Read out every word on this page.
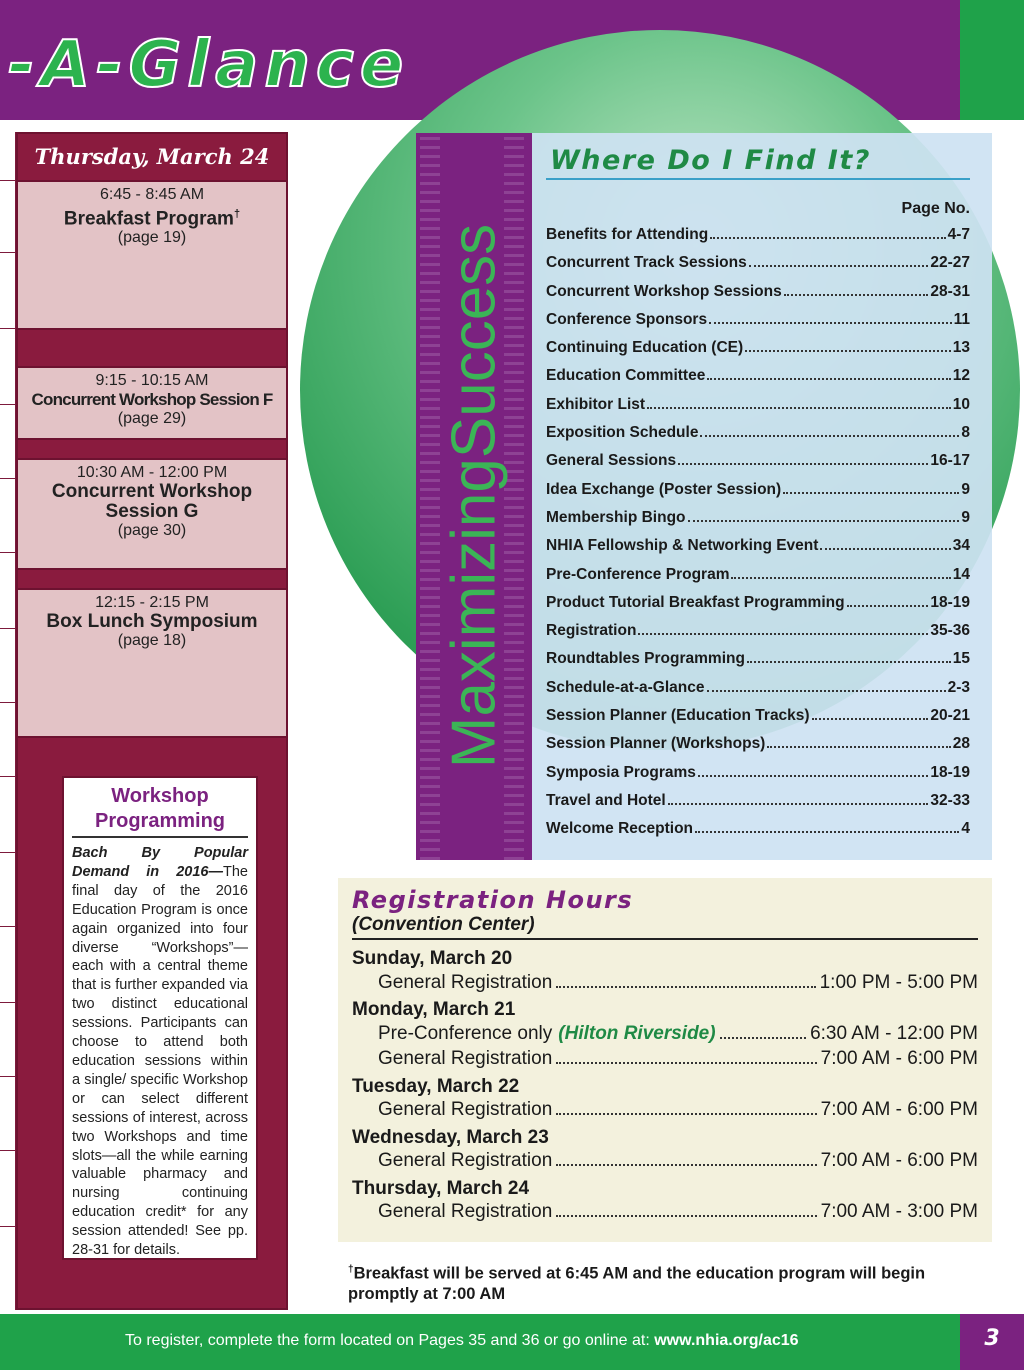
-A-Glance
Thursday, March 24
6:45 - 8:45 AM
Breakfast Program†
(page 19)
9:15 - 10:15 AM
Concurrent Workshop Session F
(page 29)
10:30 AM - 12:00 PM
Concurrent Workshop Session G
(page 30)
12:15 - 2:15 PM
Box Lunch Symposium
(page 18)
Workshop Programming
Bach By Popular Demand in 2016—The final day of the 2016 Education Program is once again organized into four diverse “Workshops”—each with a central theme that is further expanded via two distinct educational sessions. Participants can choose to attend both education sessions within a single/ specific Workshop or can select different sessions of interest, across two Workshops and time slots—all the while earning valuable pharmacy and nursing continuing education credit* for any session attended! See pp. 28-31 for details.
MaximizingSuccess
Where Do I Find It?
Page No.
Benefits for Attending	4-7
Concurrent Track Sessions	22-27
Concurrent Workshop Sessions	28-31
Conference Sponsors	11
Continuing Education (CE)	13
Education Committee	12
Exhibitor List	10
Exposition Schedule	8
General Sessions	16-17
Idea Exchange (Poster Session)	9
Membership Bingo	9
NHIA Fellowship & Networking Event	34
Pre-Conference Program	14
Product Tutorial Breakfast Programming	18-19
Registration	35-36
Roundtables Programming	15
Schedule-at-a-Glance	2-3
Session Planner (Education Tracks)	20-21
Session Planner (Workshops)	28
Symposia Programs	18-19
Travel and Hotel	32-33
Welcome Reception	4
Registration Hours
(Convention Center)
Sunday, March 20
General Registration	1:00 PM - 5:00 PM
Monday, March 21
Pre-Conference only (Hilton Riverside)	6:30 AM - 12:00 PM
General Registration	7:00 AM - 6:00 PM
Tuesday, March 22
General Registration	7:00 AM - 6:00 PM
Wednesday, March 23
General Registration	7:00 AM - 6:00 PM
Thursday, March 24
General Registration	7:00 AM - 3:00 PM
†Breakfast will be served at 6:45 AM and the education program will begin promptly at 7:00 AM
To register, complete the form located on Pages 35 and 36 or go online at: www.nhia.org/ac16	3
